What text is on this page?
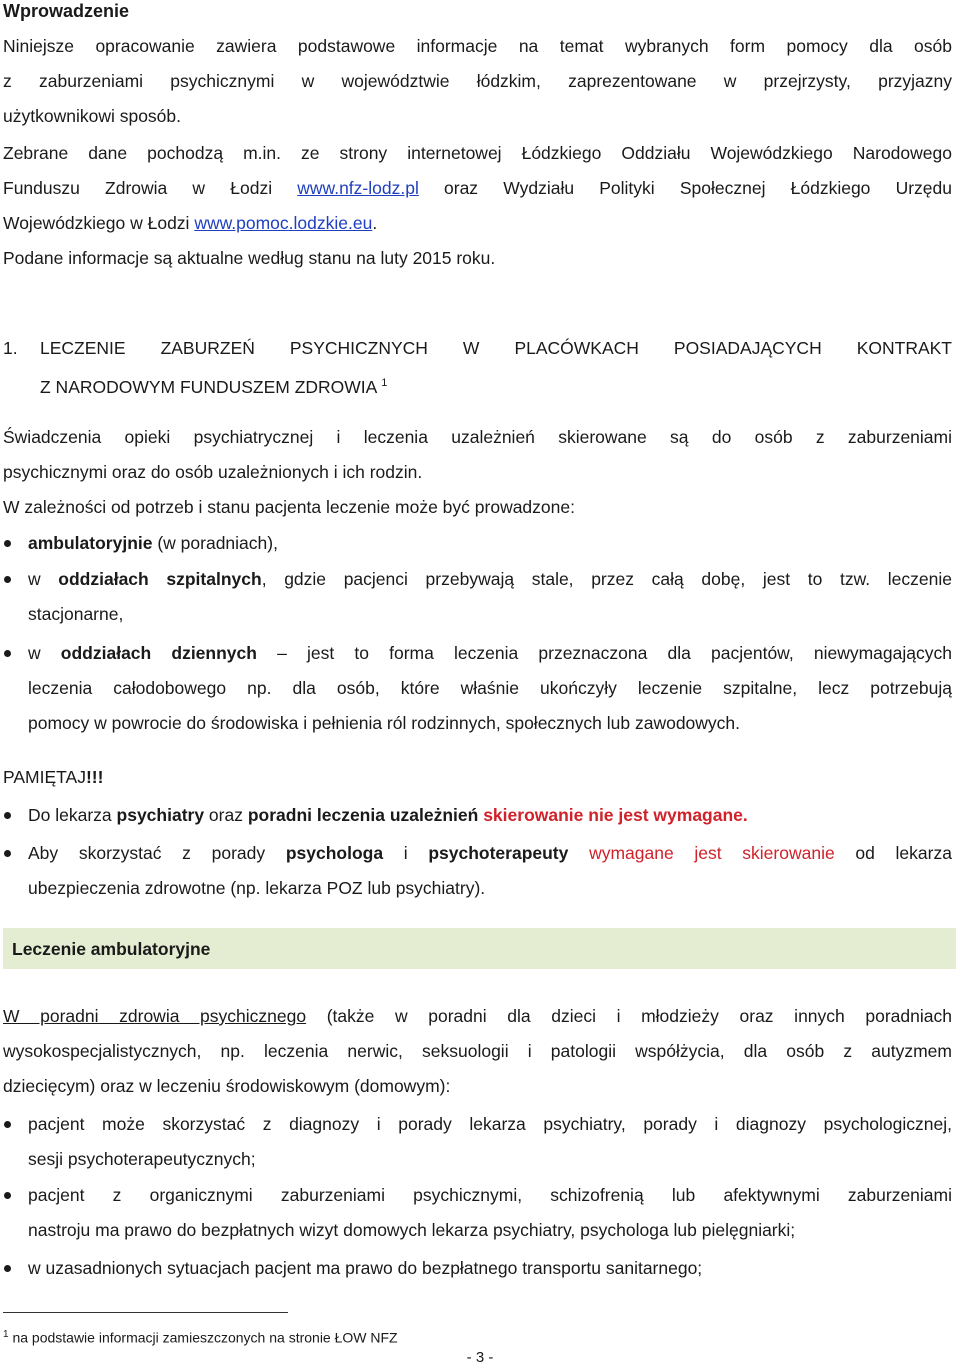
Wprowadzenie
Niniejsze opracowanie zawiera podstawowe informacje na temat wybranych form pomocy dla osób
z zaburzeniami psychicznymi w województwie łódzkim, zaprezentowane w przejrzysty, przyjazny
użytkownikowi sposób.
Zebrane dane pochodzą m.in. ze strony internetowej Łódzkiego Oddziału Wojewódzkiego Narodowego
Funduszu Zdrowia w Łodzi www.nfz-lodz.pl oraz Wydziału Polityki Społecznej Łódzkiego Urzędu
Wojewódzkiego w Łodzi www.pomoc.lodzkie.eu.
Podane informacje są aktualne według stanu na luty 2015 roku.
1. LECZENIE ZABURZEŃ PSYCHICZNYCH W PLACÓWKACH POSIADAJĄCYCH KONTRAKT
Z NARODOWYM FUNDUSZEM ZDROWIA $^1$
Świadczenia opieki psychiatrycznej i leczenia uzależnień skierowane są do osób z zaburzeniami
psychicznymi oraz do osób uzależnionych i ich rodzin.
W zależności od potrzeb i stanu pacjenta leczenie może być prowadzone:
ambulatoryjnie (w poradniach),
w oddziałach szpitalnych, gdzie pacjenci przebywają stale, przez całą dobę, jest to tzw. leczenie
stacjonarne,
w oddziałach dziennych – jest to forma leczenia przeznaczona dla pacjentów, niewymagających
leczenia całodobowego np. dla osób, które właśnie ukończyły leczenie szpitalne, lecz potrzebują
pomocy w powrocie do środowiska i pełnienia ról rodzinnych, społecznych lub zawodowych.
PAMIĘTAJ!!!
Do lekarza psychiatry oraz poradni leczenia uzależnień skierowanie nie jest wymagane.
Aby skorzystać z porady psychologa i psychoterapeuty wymagane jest skierowanie od lekarza
ubezpieczenia zdrowotne (np. lekarza POZ lub psychiatry).
Leczenie ambulatoryjne
W poradni zdrowia psychicznego (także w poradni dla dzieci i młodzieży oraz innych poradniach
wysokospecjalistycznych, np. leczenia nerwic, seksuologii i patologii współżycia, dla osób z autyzmem
dziecięcym) oraz w leczeniu środowiskowym (domowym):
pacjent może skorzystać z diagnozy i porady lekarza psychiatry, porady i diagnozy psychologicznej,
sesji psychoterapeutycznych;
pacjent z organicznymi zaburzeniami psychicznymi, schizofrenią lub afektywnymi zaburzeniami
nastroju ma prawo do bezpłatnych wizyt domowych lekarza psychiatry, psychologa lub pielęgniarki;
w uzasadnionych sytuacjach pacjent ma prawo do bezpłatnego transportu sanitarnego;
$^1$ na podstawie informacji zamieszczonych na stronie ŁOW NFZ
- 3 -
